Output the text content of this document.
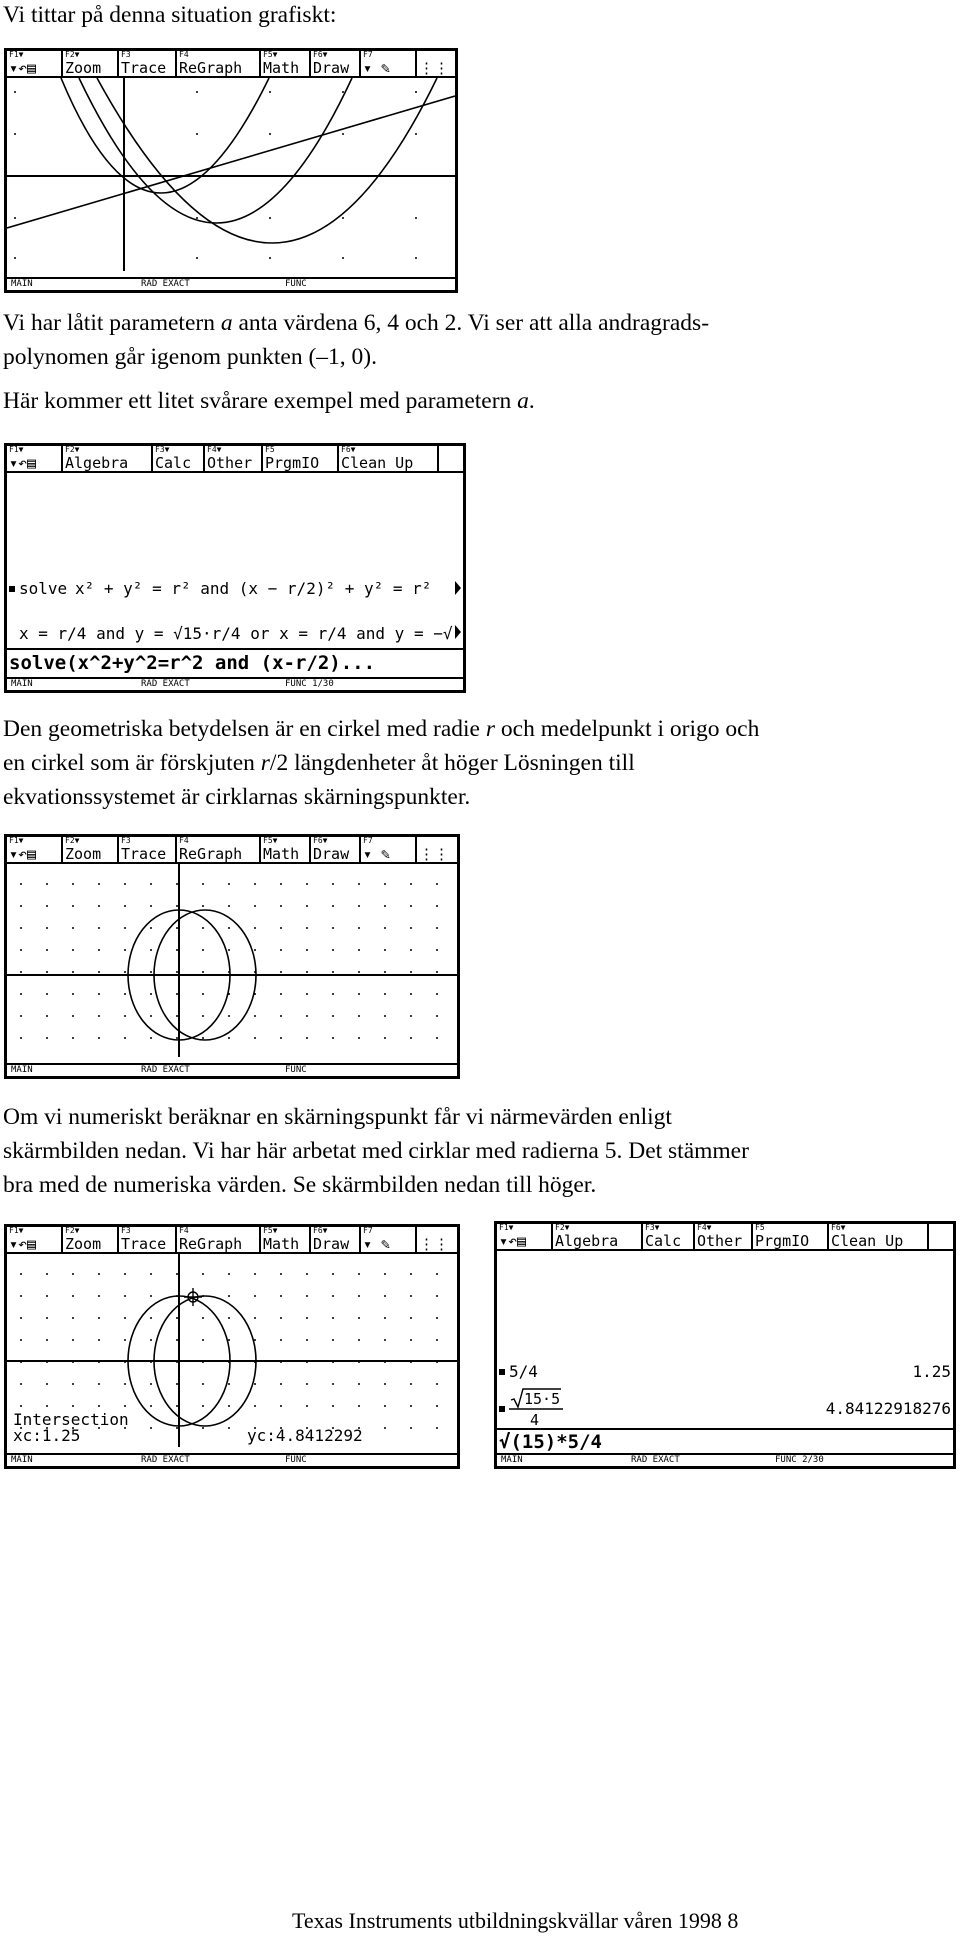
Vi tittar på denna situation grafiskt:

F1▼
▾↶▤
F2▼
Zoom
F3
Trace
F4
ReGraph
F5▼
Math
F6▼
Draw
F7
▾ ✎ ⋮⋮
MAIN	RAD EXACT	FUNC

Vi har låtit parametern a anta värdena 6, 4 och 2. Vi ser att alla andragrads-

polynomen går igenom punkten (–1, 0).

Här kommer ett litet svårare exempel med parametern a.

F1▼
▾↶▤
F2▼
Algebra
F3▼
Calc
F4▼
Other
F5
PrgmIO
F6▼
Clean Up
solve x² + y² = r² and (x − r/2)² + y² = r²
x = r/4 and y = √15·r/4 or x = r/4 and y = −√
solve(x^2+y^2=r^2 and (x-r/2)...
MAIN	RAD EXACT	FUNC 1/30

Den geometriska betydelsen är en cirkel med radie r och medelpunkt i origo och

en cirkel som är förskjuten r/2 längdenheter åt höger Lösningen till

ekvationssystemet är cirklarnas skärningspunkter.

F1▼
▾↶▤
F2▼
Zoom
F3
Trace
F4
ReGraph
F5▼
Math
F6▼
Draw
F7
▾ ✎ ⋮⋮
MAIN	RAD EXACT	FUNC

Om vi numeriskt beräknar en skärningspunkt får vi närmevärden enligt

skärmbilden nedan. Vi har här arbetat med cirklar med radierna 5. Det stämmer

bra med de numeriska värden. Se skärmbilden nedan till höger.

F1▼
▾↶▤
F2▼
Zoom
F3
Trace
F4
ReGraph
F5▼
Math
F6▼
Draw
F7
▾ ✎ ⋮⋮
Intersection
xc:1.25	yc:4.8412292
MAIN	RAD EXACT	FUNC
F1▼
▾↶▤
F2▼
Algebra
F3▼
Calc
F4▼
Other
F5
PrgmIO
F6▼
Clean Up
5/4	1.25
15·5
4
4.84122918276
√(15)*5/4
MAIN	RAD EXACT	FUNC 2/30
Texas Instruments utbildningskvällar våren 1998 8
